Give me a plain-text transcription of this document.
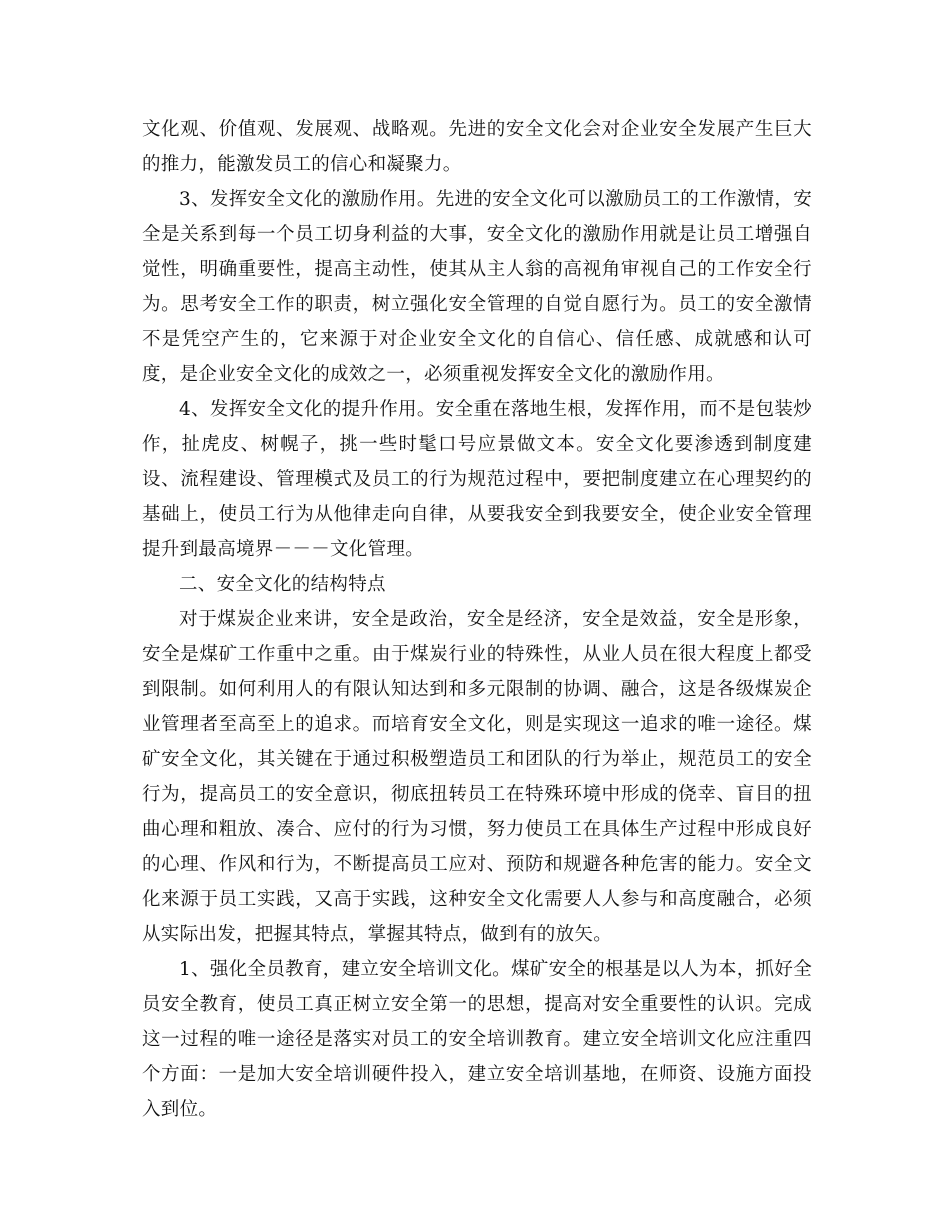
文化观、价值观、发展观、战略观。先进的安全文化会对企业安全发展产生巨大的推力，能激发员工的信心和凝聚力。

3、发挥安全文化的激励作用。先进的安全文化可以激励员工的工作激情，安全是关系到每一个员工切身利益的大事，安全文化的激励作用就是让员工增强自觉性，明确重要性，提高主动性，使其从主人翁的高视角审视自己的工作安全行为。思考安全工作的职责，树立强化安全管理的自觉自愿行为。员工的安全激情不是凭空产生的，它来源于对企业安全文化的自信心、信任感、成就感和认可度，是企业安全文化的成效之一，必须重视发挥安全文化的激励作用。

4、发挥安全文化的提升作用。安全重在落地生根，发挥作用，而不是包装炒作，扯虎皮、树幌子，挑一些时髦口号应景做文本。安全文化要渗透到制度建设、流程建设、管理模式及员工的行为规范过程中，要把制度建立在心理契约的基础上，使员工行为从他律走向自律，从要我安全到我要安全，使企业安全管理提升到最高境界－－－文化管理。

二、安全文化的结构特点

对于煤炭企业来讲，安全是政治，安全是经济，安全是效益，安全是形象，安全是煤矿工作重中之重。由于煤炭行业的特殊性，从业人员在很大程度上都受到限制。如何利用人的有限认知达到和多元限制的协调、融合，这是各级煤炭企业管理者至高至上的追求。而培育安全文化，则是实现这一追求的唯一途径。煤矿安全文化，其关键在于通过积极塑造员工和团队的行为举止，规范员工的安全行为，提高员工的安全意识，彻底扭转员工在特殊环境中形成的侥幸、盲目的扭曲心理和粗放、凑合、应付的行为习惯，努力使员工在具体生产过程中形成良好的心理、作风和行为，不断提高员工应对、预防和规避各种危害的能力。安全文化来源于员工实践，又高于实践，这种安全文化需要人人参与和高度融合，必须从实际出发，把握其特点，掌握其特点，做到有的放矢。

1、强化全员教育，建立安全培训文化。煤矿安全的根基是以人为本，抓好全员安全教育，使员工真正树立安全第一的思想，提高对安全重要性的认识。完成这一过程的唯一途径是落实对员工的安全培训教育。建立安全培训文化应注重四个方面：一是加大安全培训硬件投入，建立安全培训基地，在师资、设施方面投入到位。
